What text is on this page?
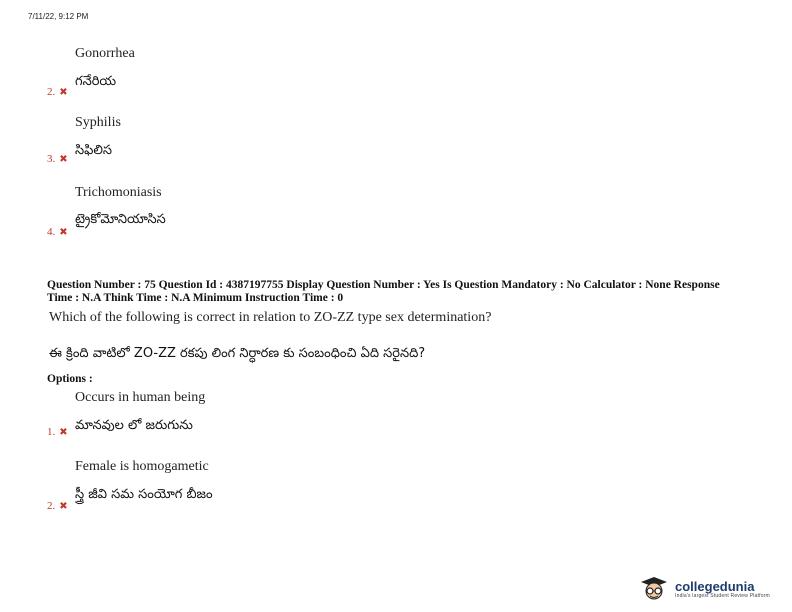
7/11/22, 9:12 PM
Gonorrhea
గనేరియ
2. ✖
Syphilis
సిఫిలిస
3. ✖
Trichomoniasis
ట్రైకోమోనియాసిస
4. ✖
Question Number : 75 Question Id : 4387197755 Display Question Number : Yes Is Question Mandatory : No Calculator : None Response
Time : N.A Think Time : N.A Minimum Instruction Time : 0
Which of the following is correct in relation to ZO-ZZ type sex determination?
ఈ క్రింది వాటిలో ZO-ZZ రకపు లింగ నిర్ధారణ కు సంబంధించి ఏది సరైనది?
Options :
Occurs in human being
మానవుల లో జరుగును
1. ✖
Female is homogametic
స్త్రీ జీవి సమ సంయోగ బీజం
2. ✖
collegedunia
India's largest Student Review Platform
